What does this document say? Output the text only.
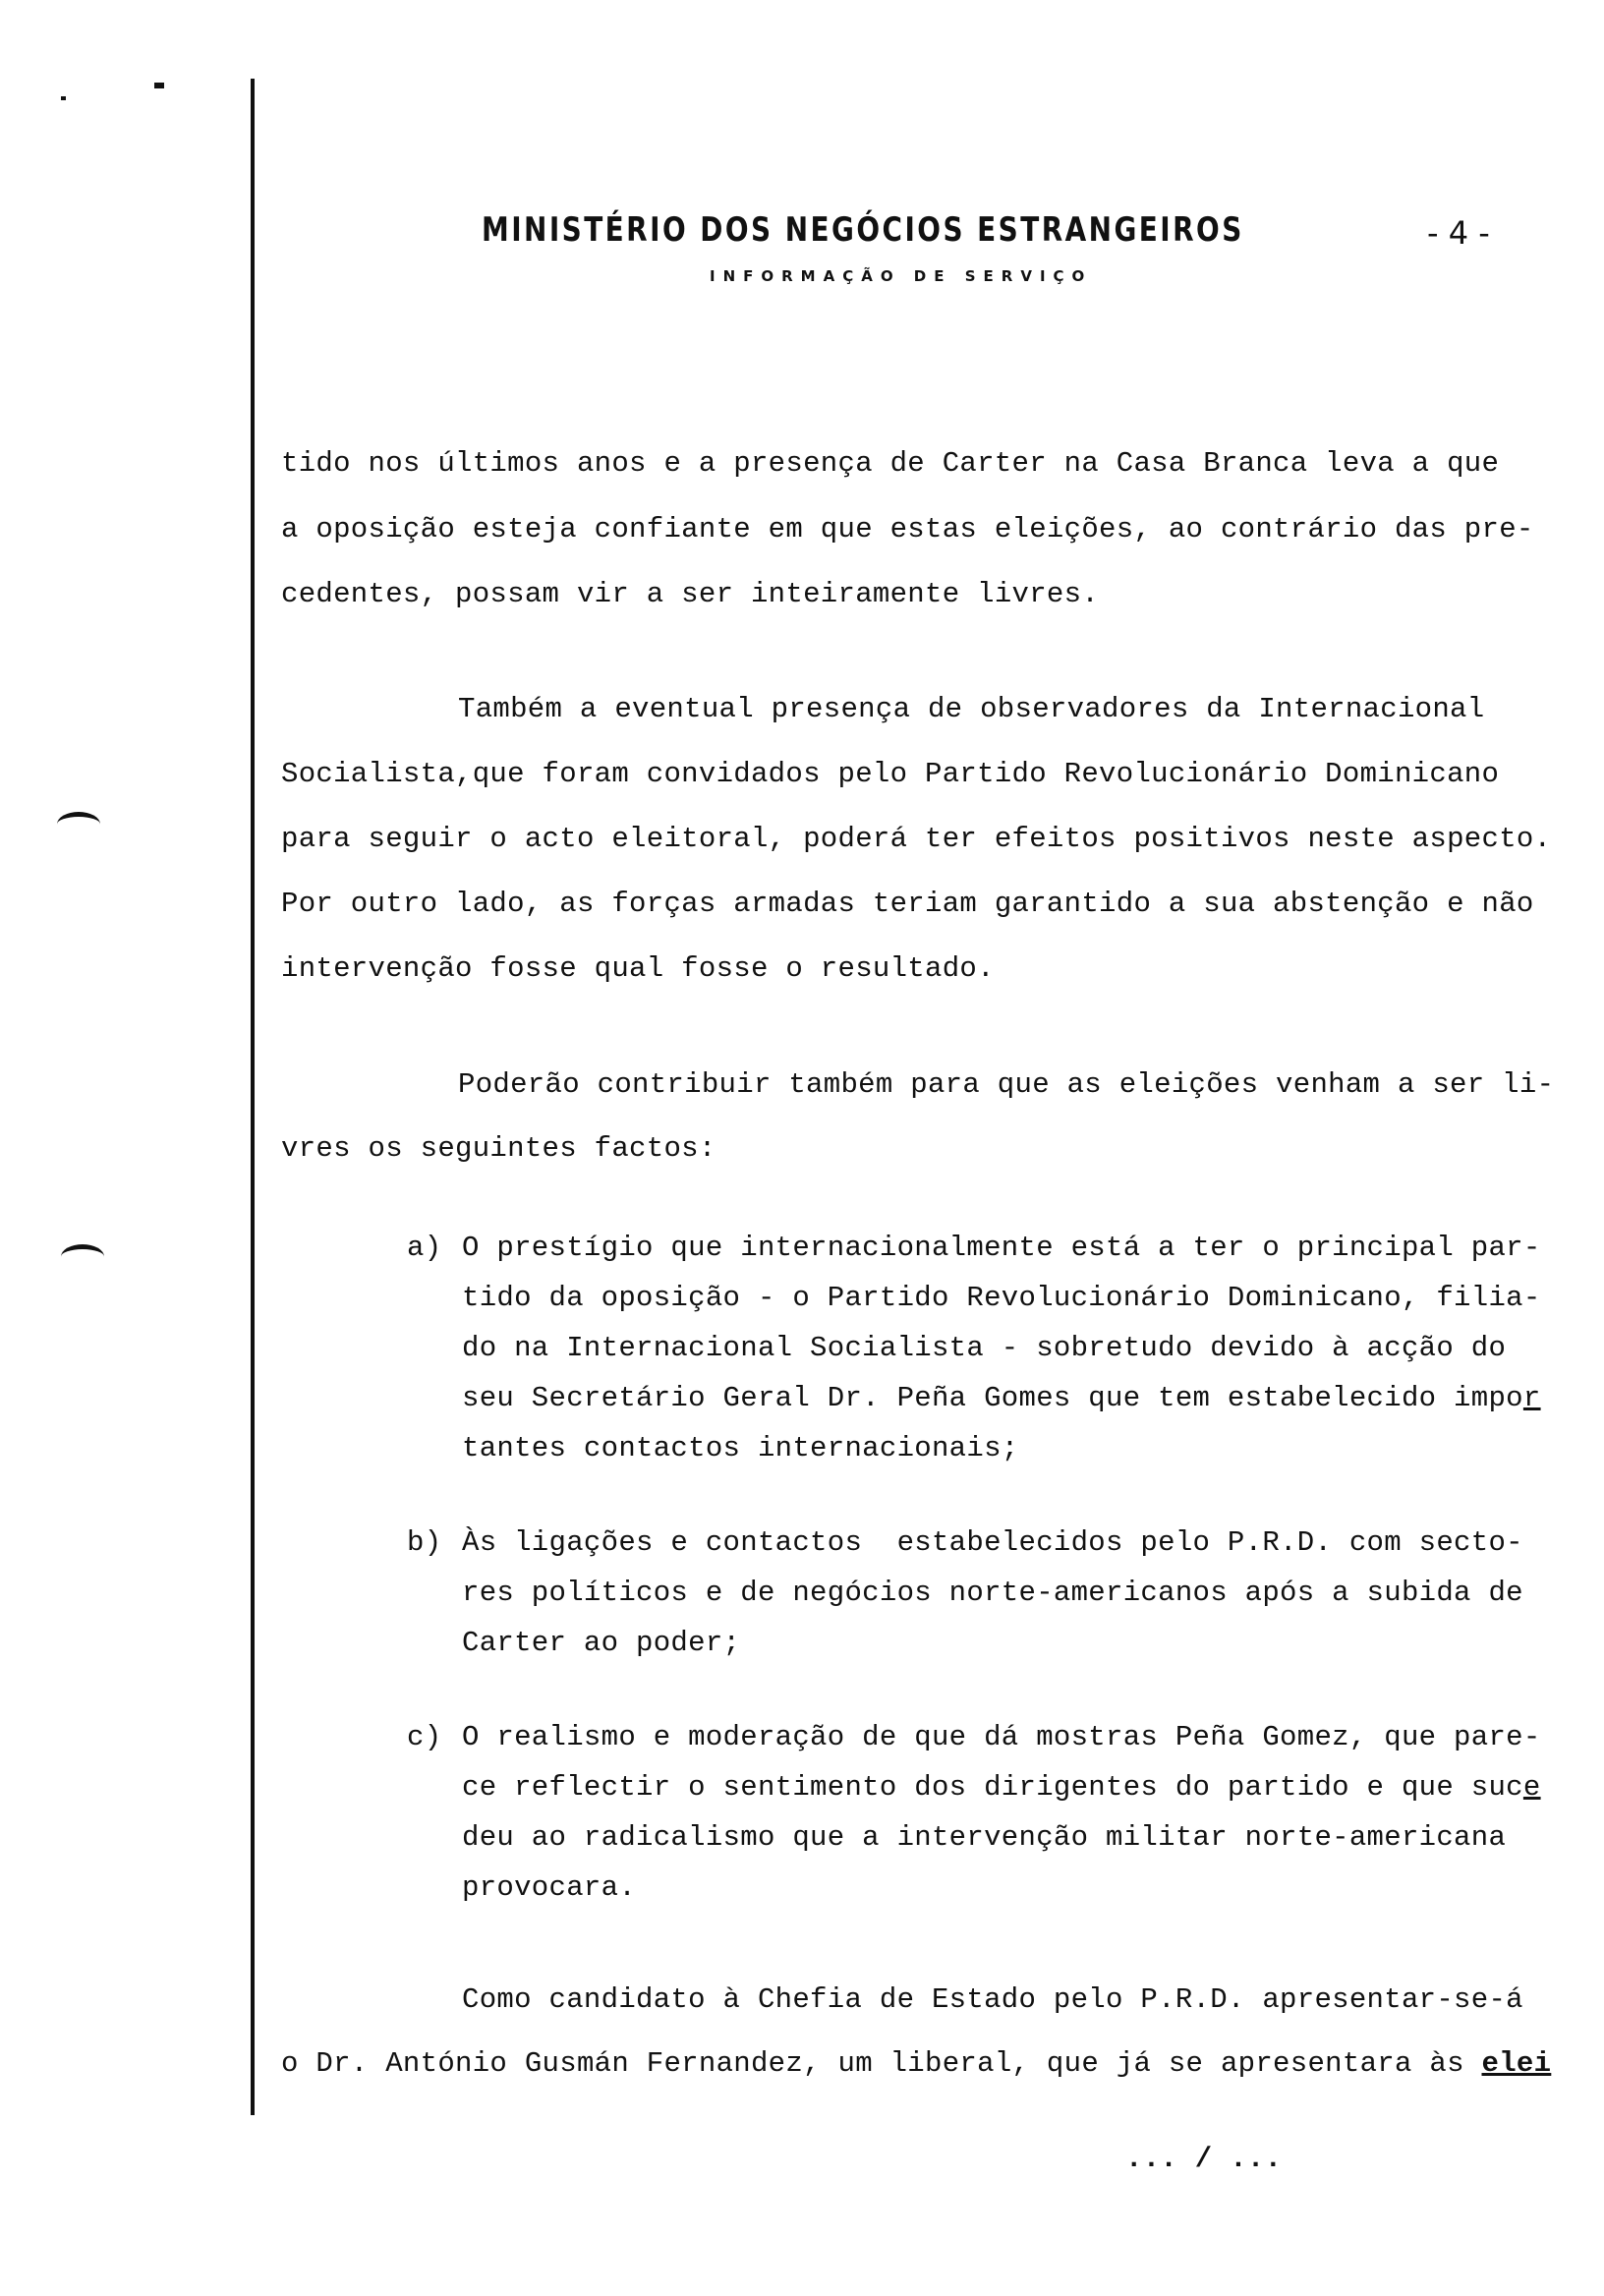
MINISTÉRIO DOS NEGÓCIOS ESTRANGEIROS	- 4 -
INFORMAÇÃO DE SERVIÇO
tido nos últimos anos e a presença de Carter na Casa Branca leva a que
a oposição esteja confiante em que estas eleições, ao contrário das pre-
cedentes, possam vir a ser inteiramente livres.
Também a eventual presença de observadores da Internacional
Socialista,que foram convidados pelo Partido Revolucionário Dominicano
para seguir o acto eleitoral, poderá ter efeitos positivos neste aspecto.
Por outro lado, as forças armadas teriam garantido a sua abstenção e não
intervenção fosse qual fosse o resultado.
Poderão contribuir também para que as eleições venham a ser li-
vres os seguintes factos:
a) O prestígio que internacionalmente está a ter o principal par-
tido da oposição - o Partido Revolucionário Dominicano, filia-
do na Internacional Socialista - sobretudo devido à acção do
seu Secretário Geral Dr. Peña Gomes que tem estabelecido impor
tantes contactos internacionais;
b) Às ligações e contactos  estabelecidos pelo P.R.D. com secto-
res políticos e de negócios norte-americanos após a subida de
Carter ao poder;
c) O realismo e moderação de que dá mostras Peña Gomez, que pare-
ce reflectir o sentimento dos dirigentes do partido e que suce
deu ao radicalismo que a intervenção militar norte-americana
provocara.
Como candidato à Chefia de Estado pelo P.R.D. apresentar-se-á
o Dr. António Gusmán Fernandez, um liberal, que já se apresentara às elei
... / ...
